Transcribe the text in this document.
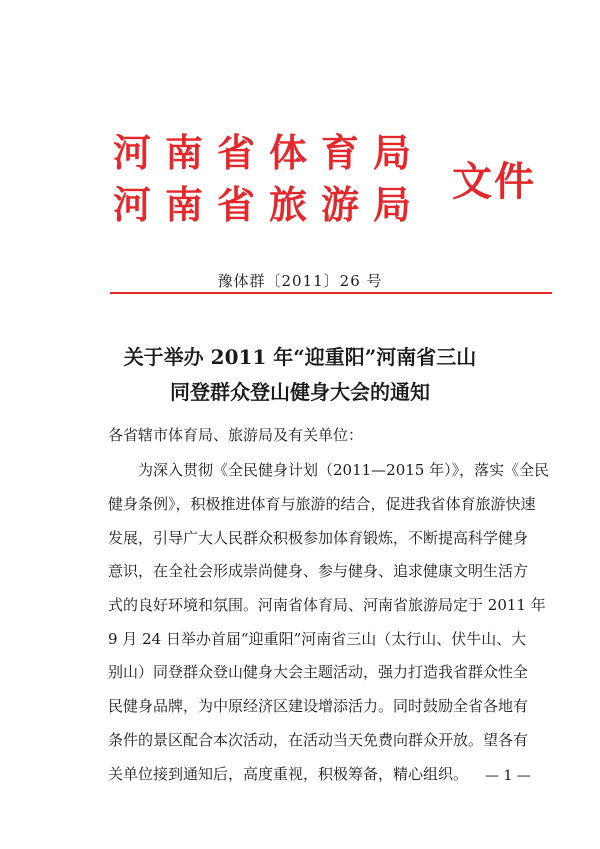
河南省体育局
河南省旅游局 文件
豫体群〔2011〕26 号
关于举办 2011 年“迎重阳”河南省三山
同登群众登山健身大会的通知
各省辖市体育局、旅游局及有关单位：
　　为深入贯彻《全民健身计划（2011—2015 年）》，落实《全民
健身条例》，积极推进体育与旅游的结合，促进我省体育旅游快速
发展，引导广大人民群众积极参加体育锻炼，不断提高科学健身
意识，在全社会形成崇尚健身、参与健身、追求健康文明生活方
式的良好环境和氛围。河南省体育局、河南省旅游局定于 2011 年
9 月 24 日举办首届“迎重阳”河南省三山（太行山、伏牛山、大
别山）同登群众登山健身大会主题活动，强力打造我省群众性全
民健身品牌，为中原经济区建设增添活力。同时鼓励全省各地有
条件的景区配合本次活动，在活动当天免费向群众开放。望各有
关单位接到通知后，高度重视，积极筹备，精心组织。 — 1 —
